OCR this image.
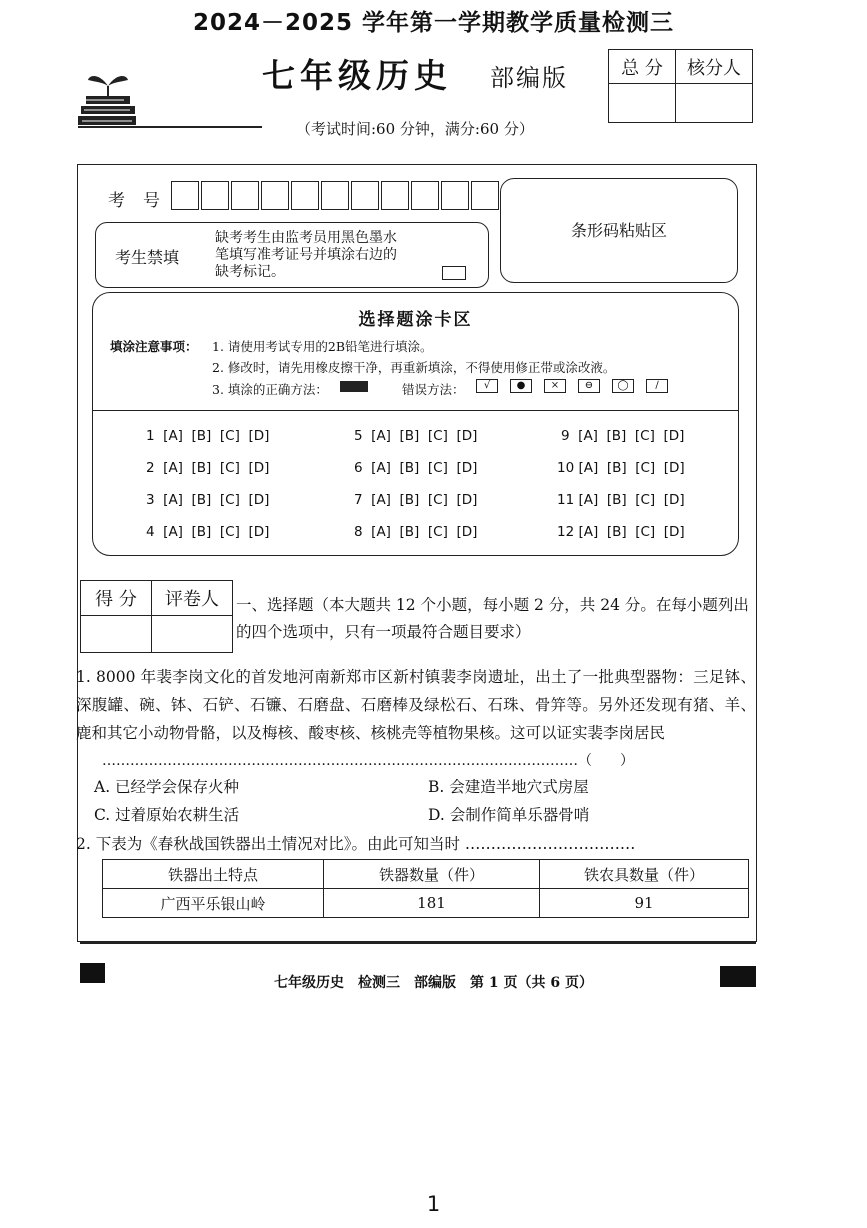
2024－2025 学年第一学期教学质量检测三
七年级历史 部编版
（考试时间:60 分钟，满分:60 分）
总 分	核分人

考号
条形码粘贴区
考生禁填
缺考考生由监考员用黑色墨水
笔填写准考证号并填涂右边的
缺考标记。
选择题涂卡区
填涂注意事项： 1. 请使用考试专用的2B铅笔进行填涂。
2. 修改时，请先用橡皮擦干净，再重新填涂，不得使用修正带或涂改液。
3. 填涂的正确方法：	错误方法：	√	●	×	⊖	◯	∕
1  [A]  [B]  [C]  [D]
2  [A]  [B]  [C]  [D]
3  [A]  [B]  [C]  [D]
4  [A]  [B]  [C]  [D]
5  [A]  [B]  [C]  [D]
6  [A]  [B]  [C]  [D]
7  [A]  [B]  [C]  [D]
8  [A]  [B]  [C]  [D]
9  [A]  [B]  [C]  [D]
10 [A]  [B]  [C]  [D]
11 [A]  [B]  [C]  [D]
12 [A]  [B]  [C]  [D]
得 分	评卷人
	一、选择题（本大题共 12 个小题，每小题 2 分，共 24 分。在每小题列出的四个选项中，只有一项最符合题目要求）
1. 8000 年裴李岗文化的首发地河南新郑市区新村镇裴李岗遗址，出土了一批典型器物：三足钵、深腹罐、碗、钵、石铲、石镰、石磨盘、石磨棒及绿松石、石珠、骨笄等。另外还发现有猪、羊、鹿和其它小动物骨骼，以及梅核、酸枣核、核桃壳等植物果核。这可以证实裴李岗居民
…………………………………………………………………………………………（　　）
A. 已经学会保存火种	B. 会建造半地穴式房屋
C. 过着原始农耕生活	D. 会制作简单乐器骨哨
2. 下表为《春秋战国铁器出土情况对比》。由此可知当时 ……………………………
铁器出土特点	铁器数量（件）	铁农具数量（件）
广西平乐银山岭	181	91
七年级历史　检测三　部编版　第 1 页（共 6 页）
1
